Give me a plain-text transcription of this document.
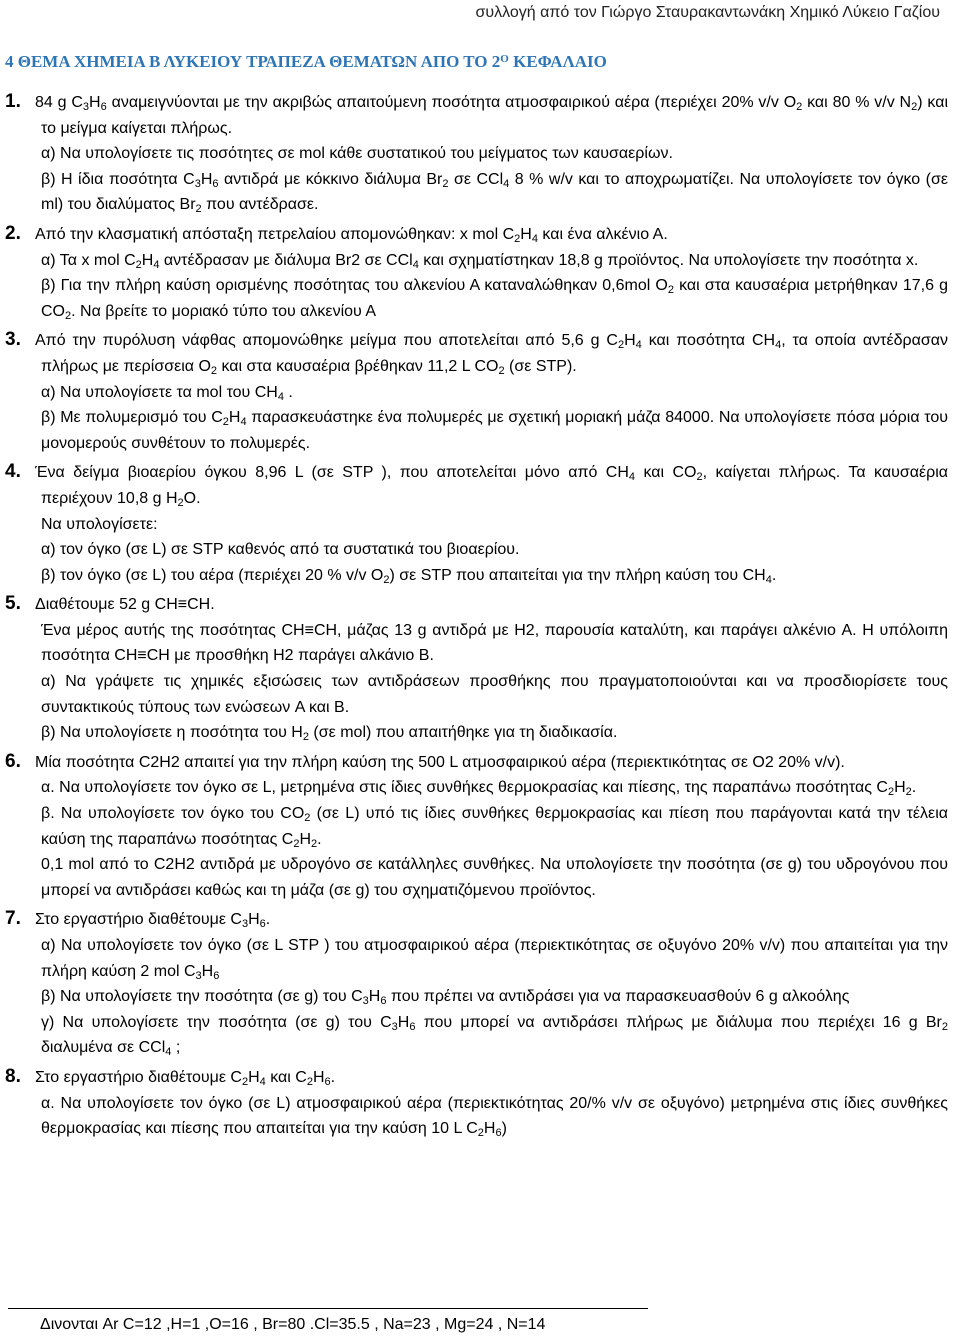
συλλογή από τον Γιώργο Σταυρακαντωνάκη Χημικό Λύκειο Γαζίου
4 ΘΕΜΑ ΧΗΜΕΙΑ Β ΛΥΚΕΙΟΥ ΤΡΑΠΕΖΑ ΘΕΜΑΤΩΝ ΑΠΟ ΤΟ $2^O$ ΚΕΦΑΛΑΙΟ
1. 84 g $C_3H_6$ αναμειγνύονται με την ακριβώς απαιτούμενη ποσότητα ατμοσφαιρικού αέρα (περιέχει 20% v/v $O_2$ και 80 % v/v $N_2$) και το μείγμα καίγεται πλήρως.
α) Να υπολογίσετε τις ποσότητες σε mol κάθε συστατικού του μείγματος των καυσαερίων.
β) Η ίδια ποσότητα $C_3H_6$ αντιδρά με κόκκινο διάλυμα $Br_2$ σε CCl$_4$ 8 % w/v και το αποχρωματίζει. Να υπολογίσετε τον όγκο (σε ml) του διαλύματος $Br_2$ που αντέδρασε.
2. Από την κλασματική απόσταξη πετρελαίου απομονώθηκαν: x mol $C_2H_4$ και ένα αλκένιο Α.
α) Τα x mol $C_2H_4$ αντέδρασαν με διάλυμα Br2 σε CCl$_4$ και σχηματίστηκαν 18,8 g προϊόντος. Να υπολογίσετε την ποσότητα x.
β) Για την πλήρη καύση ορισμένης ποσότητας του αλκενίου Α καταναλώθηκαν 0,6mol $O_2$ και στα καυσαέρια μετρήθηκαν 17,6 g $CO_2$. Να βρείτε το μοριακό τύπο του αλκενίου Α
3. Από την πυρόλυση νάφθας απομονώθηκε μείγμα που αποτελείται από 5,6 g $C_2H_4$ και ποσότητα $CH_4$, τα οποία αντέδρασαν πλήρως με περίσσεια $O_2$ και στα καυσαέρια βρέθηκαν 11,2 L $CO_2$ (σε STP).
α) Να υπολογίσετε τα mol του $CH_4$ .
β) Με πολυμερισμό του $C_2H_4$ παρασκευάστηκε ένα πολυμερές με σχετική μοριακή μάζα 84000. Να υπολογίσετε πόσα μόρια του μονομερούς συνθέτουν το πολυμερές.
4. Ένα δείγμα βιοαερίου όγκου 8,96 L (σε STP ), που αποτελείται μόνο από $CH_4$ και $CO_2$, καίγεται πλήρως. Τα καυσαέρια περιέχουν 10,8 g $H_2O$.
Να υπολογίσετε:
α) τον όγκο (σε L) σε STP καθενός από τα συστατικά του βιοαερίου.
β) τον όγκο (σε L) του αέρα (περιέχει 20 % v/v $O_2$) σε STP που απαιτείται για την πλήρη καύση του $CH_4$.
5. Διαθέτουμε 52 g CH≡CH.
Ένα μέρος αυτής της ποσότητας CH≡CH, μάζας 13 g αντιδρά με H2, παρουσία καταλύτη, και παράγει αλκένιο A. Η υπόλοιπη ποσότητα CH≡CH με προσθήκη H2 παράγει αλκάνιο B.
α) Να γράψετε τις χημικές εξισώσεις των αντιδράσεων προσθήκης που πραγματοποιούνται και να προσδιορίσετε τους συντακτικούς τύπους των ενώσεων A και B.
β) Να υπολογίσετε η ποσότητα του $H_2$ (σε mol) που απαιτήθηκε για τη διαδικασία.
6. Μία ποσότητα C2H2 απαιτεί για την πλήρη καύση της 500 L ατμοσφαιρικού αέρα (περιεκτικότητας σε O2 20% v/v).
α. Να υπολογίσετε τον όγκο σε L, μετρημένα στις ίδιες συνθήκες θερμοκρασίας και πίεσης, της παραπάνω ποσότητας $C_2H_2$.
β. Να υπολογίσετε τον όγκο του $CO_2$ (σε L) υπό τις ίδιες συνθήκες θερμοκρασίας και πίεση που παράγονται κατά την τέλεια καύση της παραπάνω ποσότητας $C_2H_2$.
0,1 mol από το C2H2 αντιδρά με υδρογόνο σε κατάλληλες συνθήκες. Να υπολογίσετε την ποσότητα (σε g) του υδρογόνου που μπορεί να αντιδράσει καθώς και τη μάζα (σε g) του σχηματιζόμενου προϊόντος.
7. Στο εργαστήριο διαθέτουμε $C_3H_6$.
α) Να υπολογίσετε τον όγκο (σε L STP ) του ατμοσφαιρικού αέρα (περιεκτικότητας σε οξυγόνο 20% v/v) που απαιτείται για την πλήρη καύση 2 mol $C_3H_6$
β) Να υπολογίσετε την ποσότητα (σε g) του $C_3H_6$ που πρέπει να αντιδράσει για να παρασκευασθούν 6 g αλκοόλης
γ) Να υπολογίσετε την ποσότητα (σε g) του $C_3H_6$ που μπορεί να αντιδράσει πλήρως με διάλυμα που περιέχει 16 g $Br_2$ διαλυμένα σε CCl$_4$ ;
8. Στο εργαστήριο διαθέτουμε $C_2H_4$ και $C_2H_6$.
α. Να υπολογίσετε τον όγκο (σε L) ατμοσφαιρικού αέρα (περιεκτικότητας 20/% v/v σε οξυγόνο) μετρημένα στις ίδιες συνθήκες θερμοκρασίας και πίεσης που απαιτείται για την καύση 10 L $C_2H_6$)
Δινονται Ar C=12 ,H=1 ,O=16 , Br=80 .Cl=35.5 , Na=23 , Mg=24 , N=14
